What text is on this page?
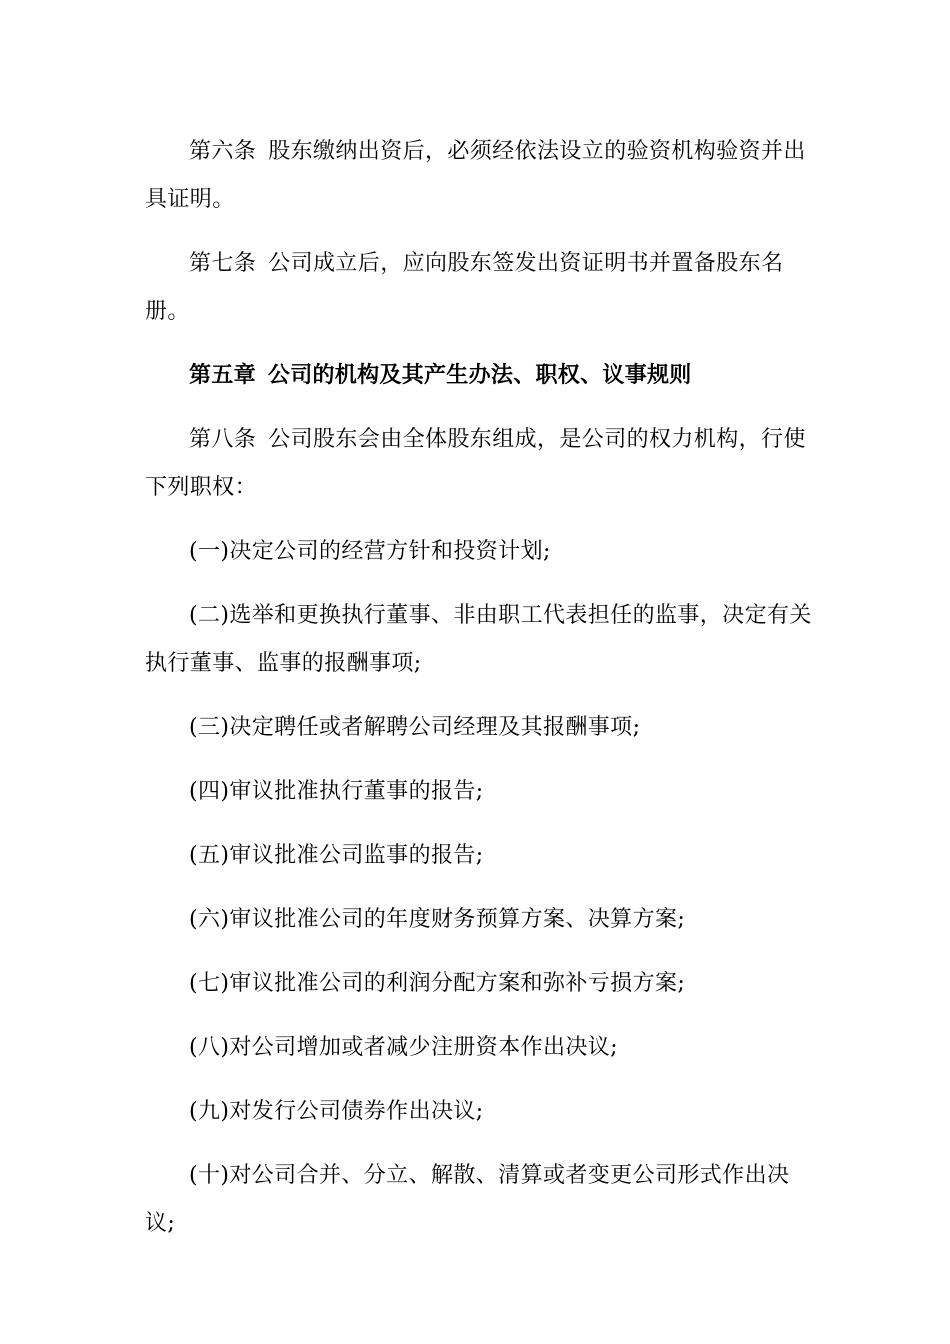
第六条 股东缴纳出资后，必须经依法设立的验资机构验资并出具证明。

第七条 公司成立后，应向股东签发出资证明书并置备股东名册。

第五章 公司的机构及其产生办法、职权、议事规则

第八条 公司股东会由全体股东组成，是公司的权力机构，行使下列职权：

(一)决定公司的经营方针和投资计划;

(二)选举和更换执行董事、非由职工代表担任的监事，决定有关执行董事、监事的报酬事项;

(三)决定聘任或者解聘公司经理及其报酬事项;

(四)审议批准执行董事的报告;

(五)审议批准公司监事的报告;

(六)审议批准公司的年度财务预算方案、决算方案;

(七)审议批准公司的利润分配方案和弥补亏损方案;

(八)对公司增加或者减少注册资本作出决议;

(九)对发行公司债券作出决议;

(十)对公司合并、分立、解散、清算或者变更公司形式作出决议;
